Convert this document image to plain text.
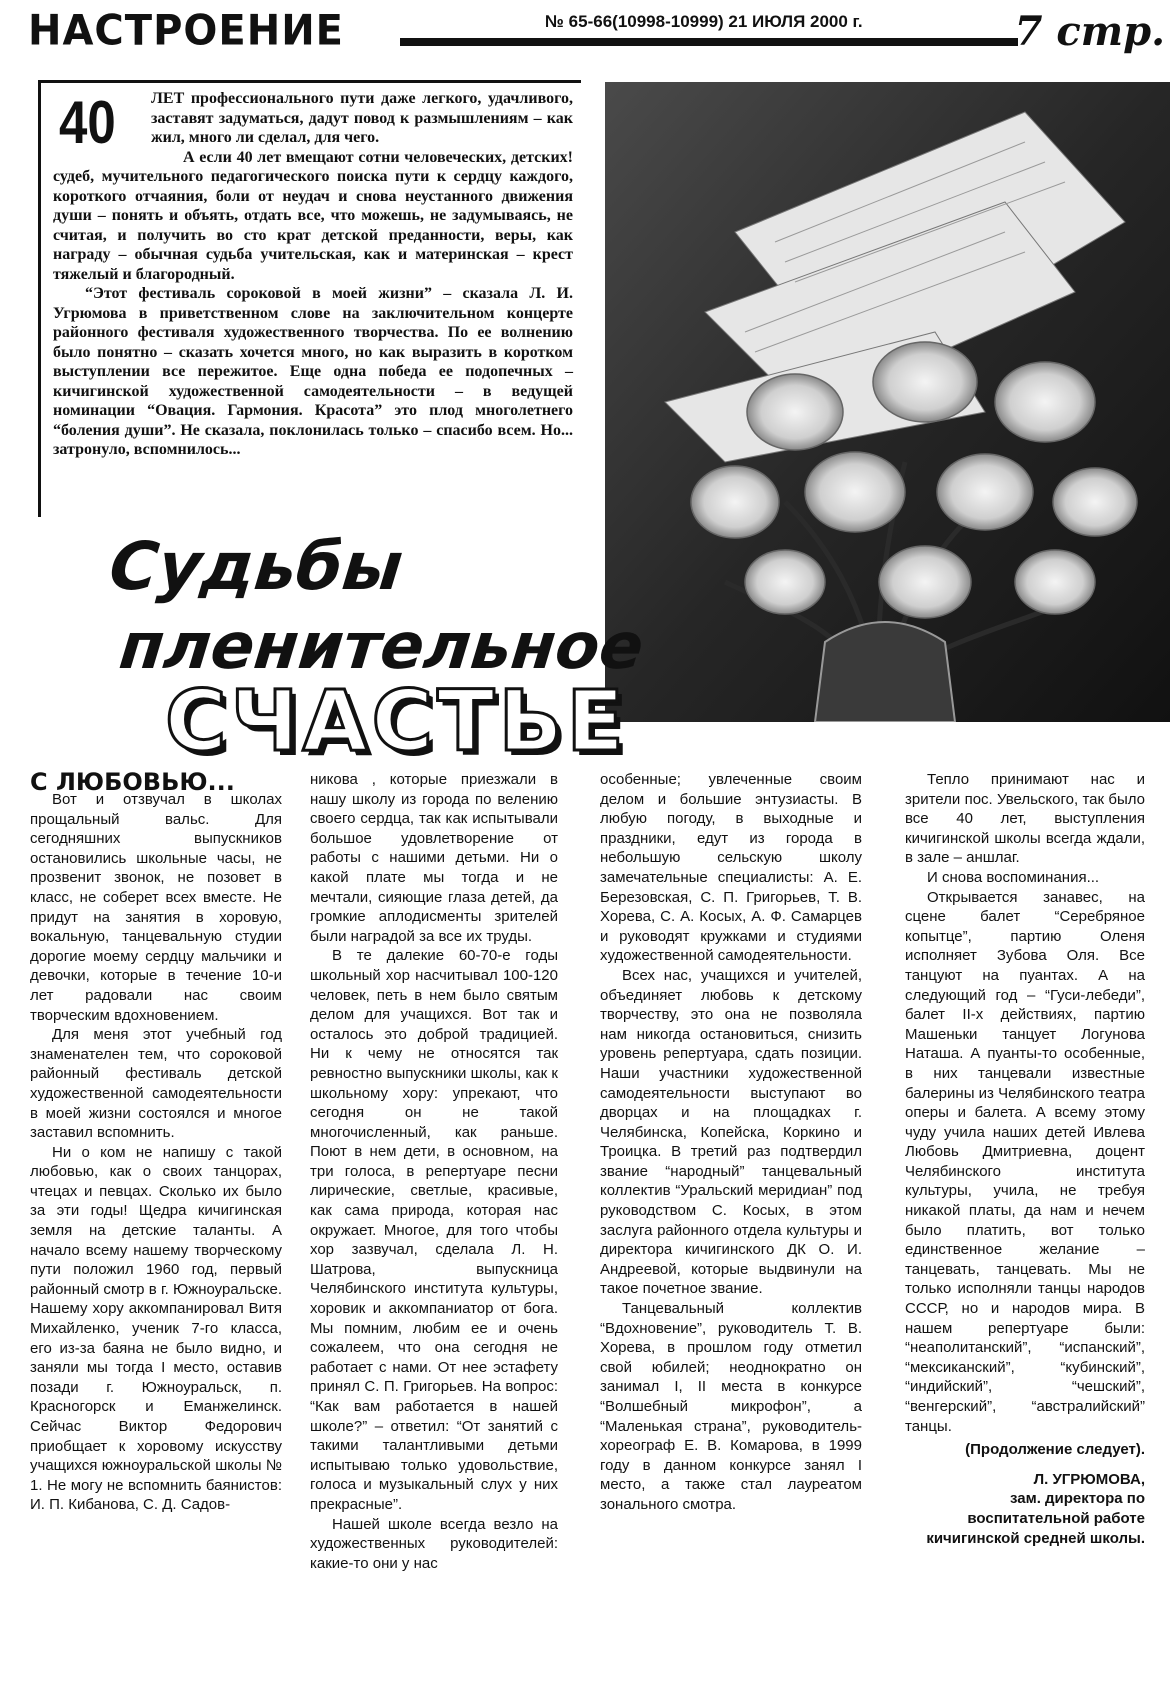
НАСТРОЕНИЕ	№ 65-66(10998-10999) 21 ИЮЛЯ 2000 г.	7 стр.
40	ЛЕТ профессионального пути даже легкого, удачливого, заставят задуматься, дадут повод к размышлениям – как жил, много ли сделал, для чего.

А если 40 лет вмещают сотни человеческих, детских! судеб, мучительного педагогического поиска пути к сердцу каждого, короткого отчаяния, боли от неудач и снова неустанного движения души – понять и объять, отдать все, что можешь, не задумываясь, не считая, и получить во сто крат детской преданности, веры, как награду – обычная судьба учительская, как и материнская – крест тяжелый и благородный.

“Этот фестиваль сороковой в моей жизни” – сказала Л. И. Угрюмова в приветственном слове на заключительном концерте районного фестиваля художественного творчества. По ее волнению было понятно – сказать хочется много, но как выразить в коротком выступлении все пережитое. Еще одна победа ее подопечных – кичигинской художественной самодеятельности – в ведущей номинации “Овация. Гармония. Красота” это плод многолетнего “боления души”. Не сказала, поклонилась только – спасибо всем. Но... затронуло, вспомнилось...

Судьбы
пленительное
СЧАСТЬЕ
С ЛЮБОВЬЮ...

Вот и отзвучал в школах прощальный вальс. Для сегодняшних выпускников остановились школьные часы, не прозвенит звонок, не позовет в класс, не соберет всех вместе. Не придут на занятия в хоровую, вокальную, танцевальную студии дорогие моему сердцу мальчики и девочки, которые в течение 10-и лет радовали нас своим творческим вдохновением.

Для меня этот учебный год знаменателен тем, что сороковой районный фестиваль детской художественной самодеятельности в моей жизни состоялся и многое заставил вспомнить.

Ни о ком не напишу с такой любовью, как о своих танцорах, чтецах и певцах. Сколько их было за эти годы! Щедра кичигинская земля на детские таланты. А начало всему нашему творческому пути положил 1960 год, первый районный смотр в г. Южноуральске. Нашему хору аккомпанировал Витя Михайленко, ученик 7-го класса, его из-за баяна не было видно, и заняли мы тогда I место, оставив позади г. Южноуральск, п. Красногорск и Еманжелинск. Сейчас Виктор Федорович приобщает к хоровому искусству учащихся южноуральской школы № 1. Не могу не вспомнить баянистов: И. П. Кибанова, С. Д. Садов-

никова , которые приезжали в нашу школу из города по велению своего сердца, так как испытывали большое удовлетворение от работы с нашими детьми. Ни о какой плате мы тогда и не мечтали, сияющие глаза детей, да громкие аплодисменты зрителей были наградой за все их труды.

В те далекие 60-70-е годы школьный хор насчитывал 100-120 человек, петь в нем было святым делом для учащихся. Вот так и осталось это доброй традицией. Ни к чему не относятся так ревностно выпускники школы, как к школьному хору: упрекают, что сегодня он не такой многочисленный, как раньше. Поют в нем дети, в основном, на три голоса, в репертуаре песни лирические, светлые, красивые, как сама природа, которая нас окружает. Многое, для того чтобы хор зазвучал, сделала Л. Н. Шатрова, выпускница Челябинского института культуры, хоровик и аккомпаниатор от бога. Мы помним, любим ее и очень сожалеем, что она сегодня не работает с нами. От нее эстафету принял С. П. Григорьев. На вопрос: “Как вам работается в нашей школе?” – ответил: “От занятий с такими талантливыми детьми испытываю только удовольствие, голоса и музыкальный слух у них прекрасные”.

Нашей школе всегда везло на художественных руководителей: какие-то они у нас

особенные; увлеченные своим делом и большие энтузиасты. В любую погоду, в выходные и праздники, едут из города в небольшую сельскую школу замечательные специалисты: А. Е. Березовская, С. П. Григорьев, Т. В. Хорева, С. А. Косых, А. Ф. Самарцев и руководят кружками и студиями художественной самодеятельности.

Всех нас, учащихся и учителей, объединяет любовь к детскому творчеству, это она не позволяла нам никогда остановиться, снизить уровень репертуара, сдать позиции. Наши участники художественной самодеятельности выступают во дворцах и на площадках г. Челябинска, Копейска, Коркино и Троицка. В третий раз подтвердил звание “народный” танцевальный коллектив “Уральский меридиан” под руководством С. Косых, в этом заслуга районного отдела культуры и директора кичигинского ДК О. И. Андреевой, которые выдвинули на такое почетное звание.

Танцевальный коллектив “Вдохновение”, руководитель Т. В. Хорева, в прошлом году отметил свой юбилей; неоднократно он занимал I, II места в конкурсе “Волшебный микрофон”, а “Маленькая страна”, руководитель-хореограф Е. В. Комарова, в 1999 году в данном конкурсе занял I место, а также стал лауреатом зонального смотра.

Тепло принимают нас и зрители пос. Увельского, так было все 40 лет, выступления кичигинской школы всегда ждали, в зале – аншлаг.

И снова воспоминания...

Открывается занавес, на сцене балет “Серебряное копытце”, партию Оленя исполняет Зубова Оля. Все танцуют на пуантах. А на следующий год – “Гуси-лебеди”, балет II-х действиях, партию Машеньки танцует Логунова Наташа. А пуанты-то особенные, в них танцевали известные балерины из Челябинского театра оперы и балета. А всему этому чуду учила наших детей Ивлева Любовь Дмитриевна, доцент Челябинского института культуры, учила, не требуя никакой платы, да нам и нечем было платить, вот только единственное желание – танцевать, танцевать. Мы не только исполняли танцы народов СССР, но и народов мира. В нашем репертуаре были: “неаполитанский”, “испанский”, “мексиканский”, “кубинский”, “индийский”, “чешский”, “венгерский”, “австралийский” танцы.

(Продолжение следует).
Л. УГРЮМОВА,
зам. директора по воспитательной работе кичигинской средней школы.
